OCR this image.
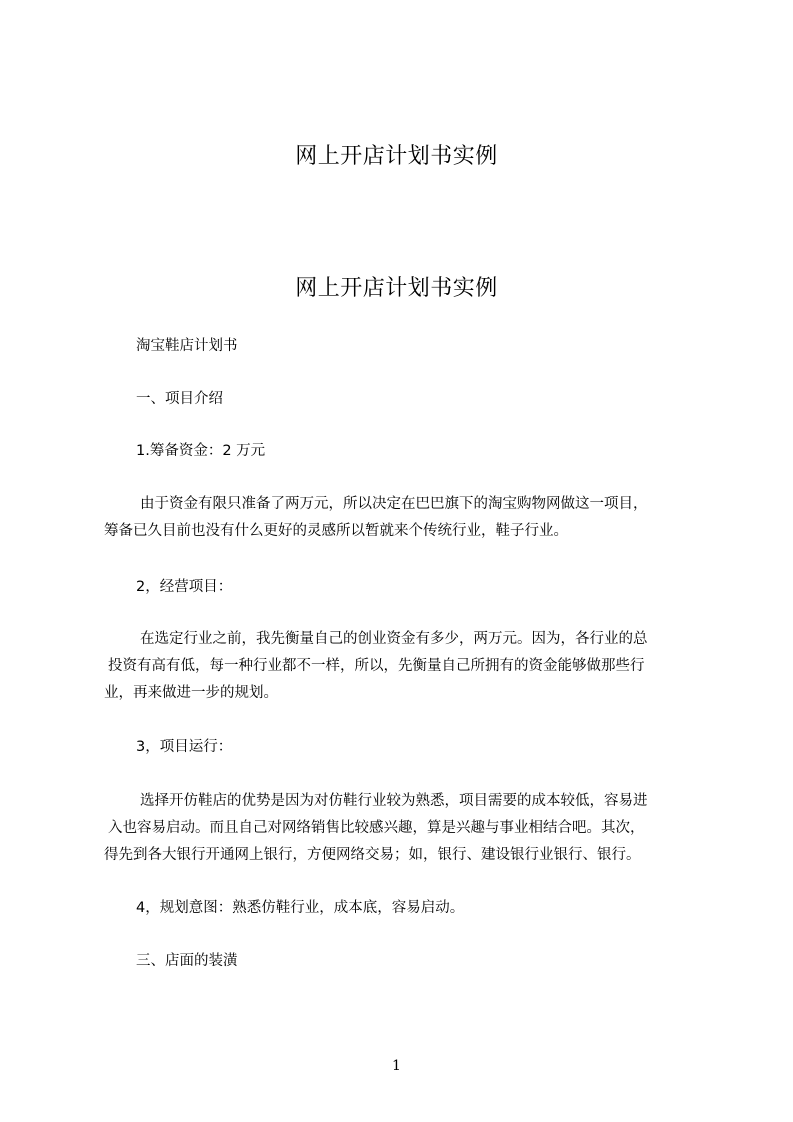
网上开店计划书实例
网上开店计划书实例
淘宝鞋店计划书
一、项目介绍
1.筹备资金：2 万元
由于资金有限只准备了两万元，所以决定在巴巴旗下的淘宝购物网做这一项目，
筹备已久目前也没有什么更好的灵感所以暂就来个传统行业，鞋子行业。
2，经营项目：
在选定行业之前，我先衡量自己的创业资金有多少，两万元。因为，各行业的总
投资有高有低，每一种行业都不一样，所以，先衡量自己所拥有的资金能够做那些行
业，再来做进一步的规划。
3，项目运行：
选择开仿鞋店的优势是因为对仿鞋行业较为熟悉，项目需要的成本较低，容易进
入也容易启动。而且自己对网络销售比较感兴趣，算是兴趣与事业相结合吧。其次，
得先到各大银行开通网上银行，方便网络交易；如，银行、建设银行业银行、银行。
4，规划意图：熟悉仿鞋行业，成本底，容易启动。
三、店面的装潢
1
